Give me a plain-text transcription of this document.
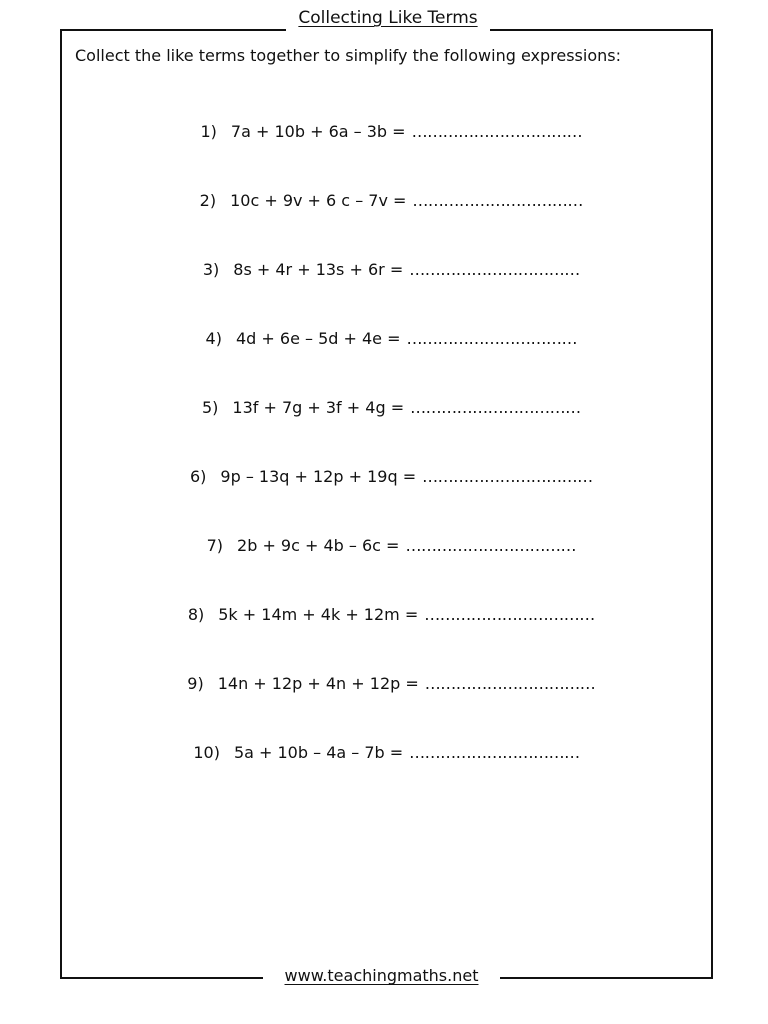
Collecting Like Terms
Collect the like terms together to simplify the following expressions:
1) 7a + 10b + 6a – 3b = ……………………………
2) 10c + 9v + 6 c – 7v = ……………………………
3) 8s + 4r + 13s + 6r = ……………………………
4) 4d + 6e – 5d + 4e = ……………………………
5) 13f + 7g + 3f + 4g = ……………………………
6) 9p – 13q + 12p + 19q = ……………………………
7) 2b + 9c + 4b – 6c = ……………………………
8) 5k + 14m + 4k + 12m = ……………………………
9) 14n + 12p + 4n + 12p = ……………………………
10) 5a + 10b – 4a – 7b = ……………………………
www.teachingmaths.net
